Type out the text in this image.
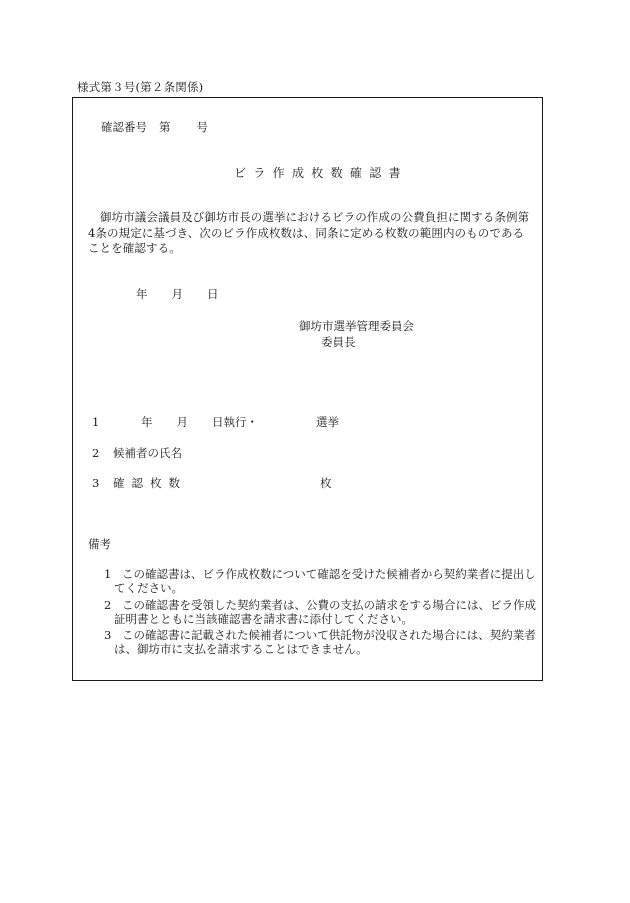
様式第３号(第２条関係)
確認番号 第 号
ビ ラ 作 成 枚 数 確 認 書
御坊市議会議員及び御坊市長の選挙におけるビラの作成の公費負担に関する条例第4条の規定に基づき、次のビラ作成枚数は、同条に定める枚数の範囲内のものであることを確認する。
年 月 日
御坊市選挙管理委員会
委員長
1	年 月 日執行・	選挙
2 候補者の氏名
3 確 認 枚 数	枚
備考
1 この確認書は、ビラ作成枚数について確認を受けた候補者から契約業者に提出してください。
2 この確認書を受領した契約業者は、公費の支払の請求をする場合には、ビラ作成証明書とともに当該確認書を請求書に添付してください。
3 この確認書に記載された候補者について供託物が没収された場合には、契約業者は、御坊市に支払を請求することはできません。
